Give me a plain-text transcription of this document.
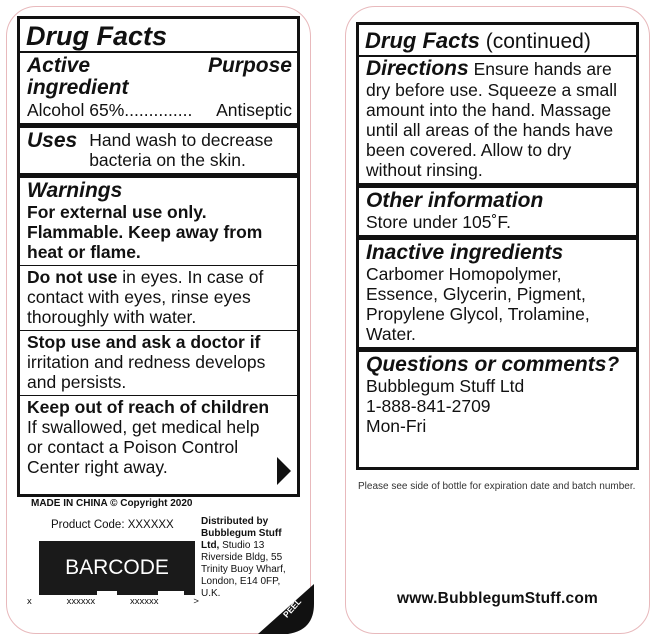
Drug Facts
Active	Purpose
ingredient
Alcohol 65%.............. Antiseptic
Uses Hand wash to decrease bacteria on the skin.
Warnings
For external use only.
Flammable. Keep away from heat or flame.
Do not use in eyes. In case of contact with eyes, rinse eyes thoroughly with water.
Stop use and ask a doctor if
irritation and redness develops and persists.
Keep out of reach of children
If swallowed, get medical help or contact a Poison Control Center right away.
MADE IN CHINA © Copyright 2020
Product Code: XXXXXX
BARCODE
x	xxxxxx	xxxxxx	>
Distributed by Bubblegum Stuff Ltd, Studio 13 Riverside Bldg, 55 Trinity Buoy Wharf, London, E14 0FP, U.K.
PEEL
Drug Facts (continued)
Directions Ensure hands are dry before use. Squeeze a small amount into the hand. Massage until all areas of the hands have been covered. Allow to dry without rinsing.
Other information
Store under 105˚F.
Inactive ingredients
Carbomer Homopolymer, Essence, Glycerin, Pigment, Propylene Glycol, Trolamine, Water.
Questions or comments?
Bubblegum Stuff Ltd
1-888-841-2709
Mon-Fri
Please see side of bottle for expiration date and batch number.
www.BubblegumStuff.com
